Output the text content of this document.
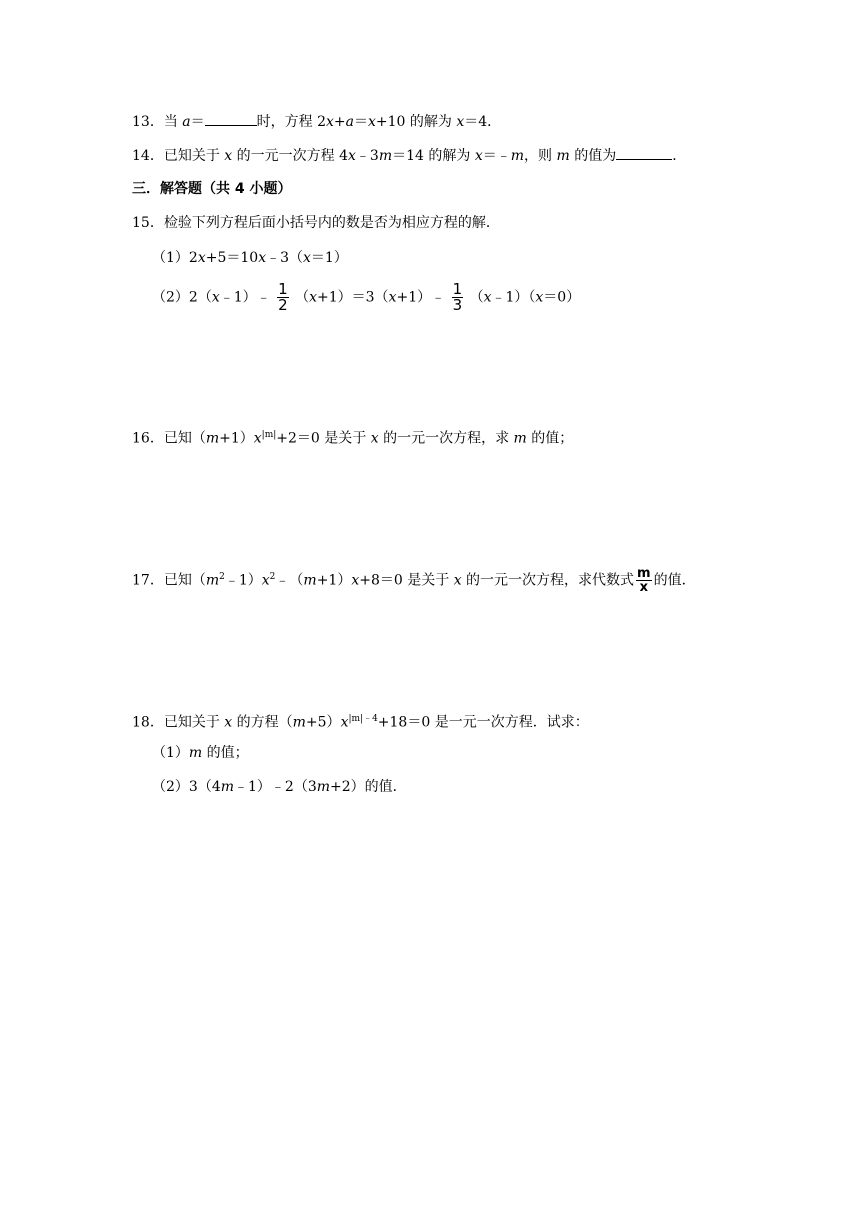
13．当 a＝	时，方程 2x+a＝x+10 的解为 x＝4．
14．已知关于 x 的一元一次方程 4x﹣3m＝14 的解为 x＝﹣m，则 m 的值为	．
三．解答题（共 4 小题）
15．检验下列方程后面小括号内的数是否为相应方程的解．
（1）2x+5＝10x﹣3（x＝1）
（2）2（x﹣1）﹣ $\frac{1}{2}$ （x+1）＝3（x+1）﹣ $\frac{1}{3}$ （x﹣1）（x＝0）
16．已知$(m+1)x^{|m|}+2=0$ 是关于 x 的一元一次方程，求 m 的值；
17．已知$(m^2﹣1)x^2﹣(m+1)x+8=0$ 是关于 x 的一元一次方程，求代数式 $\frac{m}{x}$ 的值．
18．已知关于 x 的方程$(m+5)x^{|m|﹣4}+18=0$ 是一元一次方程．试求：
（1）m 的值；
（2）3（4m﹣1）﹣2（3m+2）的值．
